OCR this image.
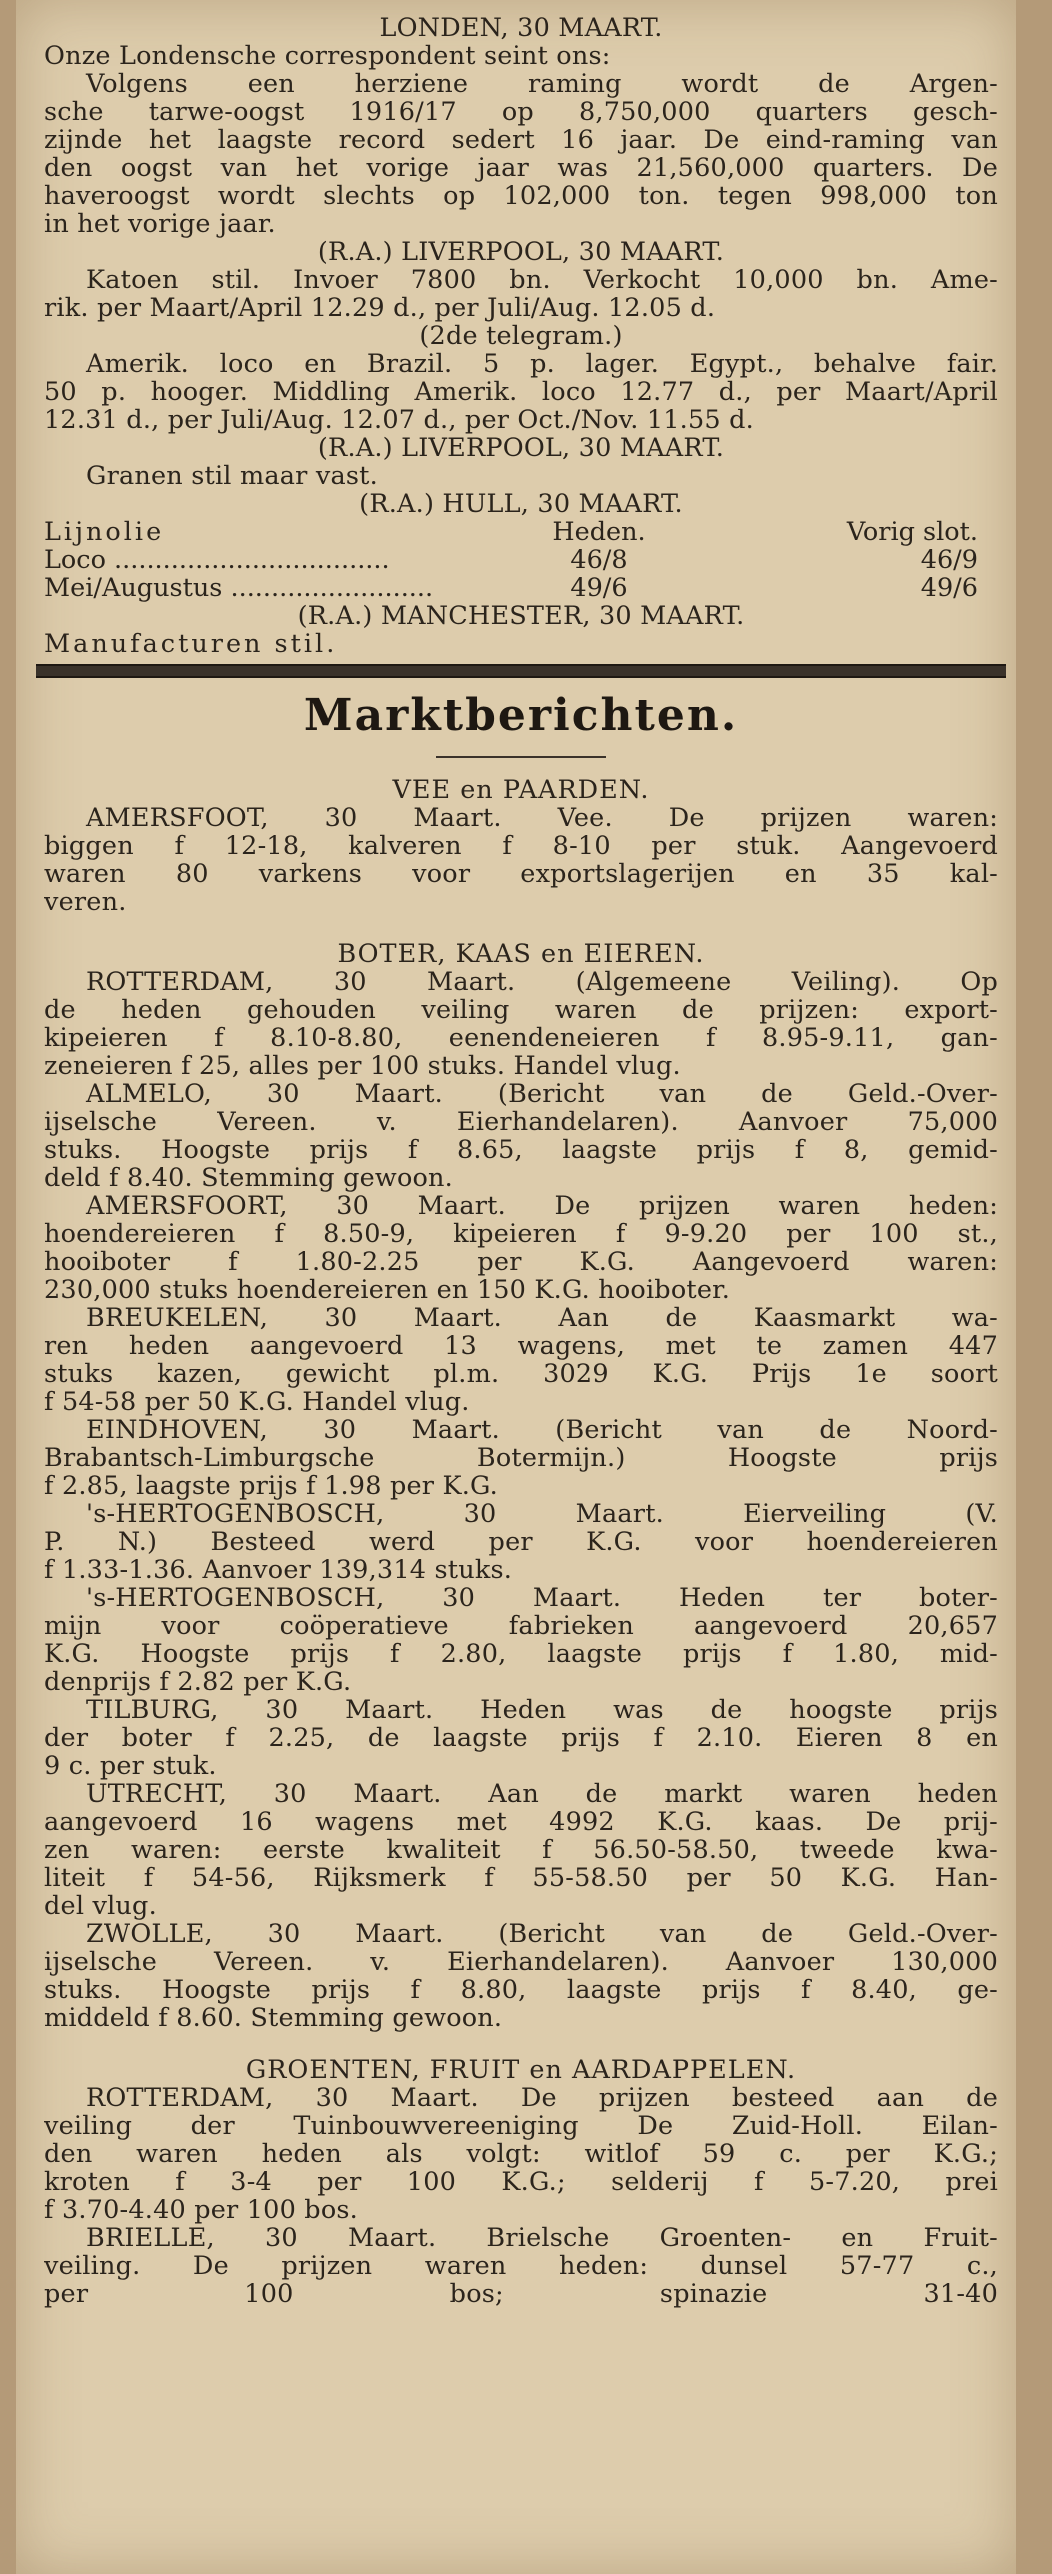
LONDEN, 30 MAART.
Onze Londensche correspondent seint ons:
Volgens een herziene raming wordt de Argen-
sche tarwe-oogst 1916/17 op 8,750,000 quarters gesch-
zijnde het laagste record sedert 16 jaar. De eind-raming van
den oogst van het vorige jaar was 21,560,000 quarters. De
haveroogst wordt slechts op 102,000 ton. tegen 998,000 ton
in het vorige jaar.
(R.A.) LIVERPOOL, 30 MAART.
Katoen stil. Invoer 7800 bn. Verkocht 10,000 bn. Ame-
rik. per Maart/April 12.29 d., per Juli/Aug. 12.05 d.
(2de telegram.)
Amerik. loco en Brazil. 5 p. lager. Egypt., behalve fair.
50 p. hooger. Middling Amerik. loco 12.77 d., per Maart/April
12.31 d., per Juli/Aug. 12.07 d., per Oct./Nov. 11.55 d.
(R.A.) LIVERPOOL, 30 MAART.
Granen stil maar vast.
(R.A.) HULL, 30 MAART.
Lijnolie	Heden.	Vorig slot.
Loco ..................................	46/8	46/9
Mei/Augustus .........................	49/6	49/6
(R.A.) MANCHESTER, 30 MAART.
Manufacturen stil.
Marktberichten.
VEE en PAARDEN.
AMERSFOOT, 30 Maart. Vee. De prijzen waren:
biggen f 12-18, kalveren f 8-10 per stuk. Aangevoerd
waren 80 varkens voor exportslagerijen en 35 kal-
veren.
BOTER, KAAS en EIEREN.
ROTTERDAM, 30 Maart. (Algemeene Veiling). Op
de heden gehouden veiling waren de prijzen: export-
kipeieren f 8.10-8.80, eenendeneieren f 8.95-9.11, gan-
zeneieren f 25, alles per 100 stuks. Handel vlug.
ALMELO, 30 Maart. (Bericht van de Geld.-Over-
ijselsche Vereen. v. Eierhandelaren). Aanvoer 75,000
stuks. Hoogste prijs f 8.65, laagste prijs f 8, gemid-
deld f 8.40. Stemming gewoon.
AMERSFOORT, 30 Maart. De prijzen waren heden:
hoendereieren f 8.50-9, kipeieren f 9-9.20 per 100 st.,
hooiboter f 1.80-2.25 per K.G. Aangevoerd waren:
230,000 stuks hoendereieren en 150 K.G. hooiboter.
BREUKELEN, 30 Maart. Aan de Kaasmarkt wa-
ren heden aangevoerd 13 wagens, met te zamen 447
stuks kazen, gewicht pl.m. 3029 K.G. Prijs 1e soort
f 54-58 per 50 K.G. Handel vlug.
EINDHOVEN, 30 Maart. (Bericht van de Noord-
Brabantsch-Limburgsche Botermijn.) Hoogste prijs
f 2.85, laagste prijs f 1.98 per K.G.
's-HERTOGENBOSCH, 30 Maart. Eierveiling (V.
P. N.) Besteed werd per K.G. voor hoendereieren
f 1.33-1.36. Aanvoer 139,314 stuks.
's-HERTOGENBOSCH, 30 Maart. Heden ter boter-
mijn voor coöperatieve fabrieken aangevoerd 20,657
K.G. Hoogste prijs f 2.80, laagste prijs f 1.80, mid-
denprijs f 2.82 per K.G.
TILBURG, 30 Maart. Heden was de hoogste prijs
der boter f 2.25, de laagste prijs f 2.10. Eieren 8 en
9 c. per stuk.
UTRECHT, 30 Maart. Aan de markt waren heden
aangevoerd 16 wagens met 4992 K.G. kaas. De prij-
zen waren: eerste kwaliteit f 56.50-58.50, tweede kwa-
liteit f 54-56, Rijksmerk f 55-58.50 per 50 K.G. Han-
del vlug.
ZWOLLE, 30 Maart. (Bericht van de Geld.-Over-
ijselsche Vereen. v. Eierhandelaren). Aanvoer 130,000
stuks. Hoogste prijs f 8.80, laagste prijs f 8.40, ge-
middeld f 8.60. Stemming gewoon.
GROENTEN, FRUIT en AARDAPPELEN.
ROTTERDAM, 30 Maart. De prijzen besteed aan de
veiling der Tuinbouwvereeniging De Zuid-Holl. Eilan-
den waren heden als volgt: witlof 59 c. per K.G.;
kroten f 3-4 per 100 K.G.; selderij f 5-7.20, prei
f 3.70-4.40 per 100 bos.
BRIELLE, 30 Maart. Brielsche Groenten- en Fruit-
veiling. De prijzen waren heden: dunsel 57-77 c.,
per 100 bos; spinazie 31-40
